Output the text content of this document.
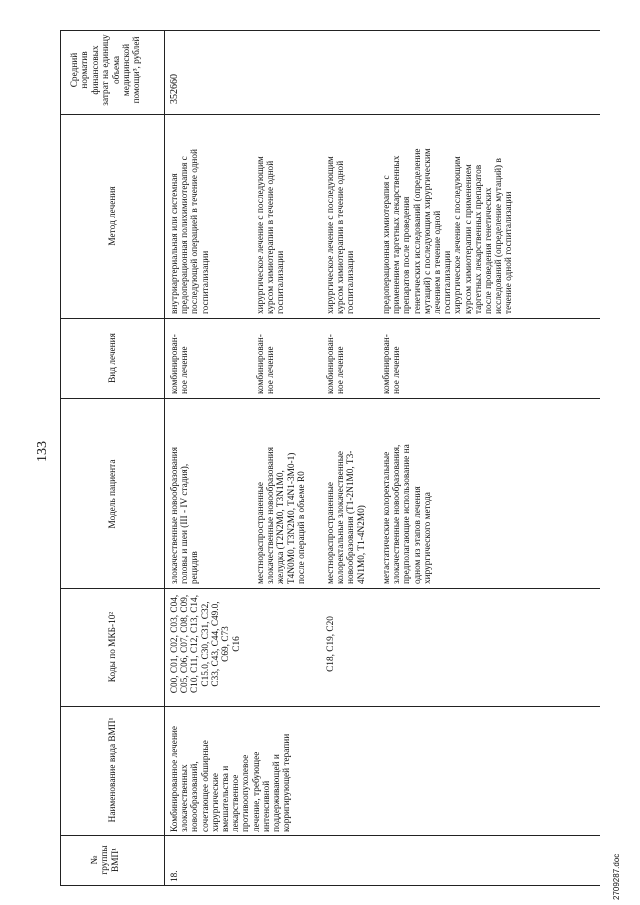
133
2709287.doc
№ группы ВМП¹
Наименование вида ВМП¹
Коды по МКБ-10²
Модель пациента
Вид лечения
Метод лечения
Средний норматив финансовых затрат на единицу объема медицинской помощи³, рублей
18.
Комбинированное лечение злокачественных новообразований, сочетающее обширные хирургические вмешательства и лекарственное противоопухолевое лечение, требующее интенсивной поддерживающей и корригирующей терапии
352660
C00, C01, C02, C03, C04, C05, C06, C07, C08, C09, C10, C11, C12, C13, C14, C15.0, C30, C31, C32, C33, C43, C44, C49.0, C69, C73
злокачественные новообразования головы и шеи (III - IV стадия), рецидив
комбинирован- ное лечение
внутриартериальная или системная предоперационная полихимиотерапия с последующей операцией в течение одной госпитализации
C16
местнораспространенные злокачественные новообразования желудка (T2N2M0, T3N1M0, T4N0M0, T3N2M0, T4N1-3M0-1) после операций в объеме R0
комбинирован- ное лечение
хирургическое лечение с последующим курсом химиотерапии в течение одной госпитализации
C18, C19, C20
местнораспространенные колоректальные злокачественные новообразования (T1-2N1M0, T3- 4N1M0, T1-4N2M0)
комбинирован- ное лечение
хирургическое лечение с последующим курсом химиотерапии в течение одной госпитализации
метастатические колоректальные злокачественные новообразования, предполагающие использование на одном из этапов лечения хирургического метода
комбинирован- ное лечение
предоперационная химиотерапия с применением таргетных лекарственных препаратов после проведения генетических исследований (определение мутаций) с последующим хирургическим лечением в течение одной госпитализации хирургическое лечение с последующим курсом химиотерапии с применением таргетных лекарственных препаратов после проведения генетических исследований (определение мутаций) в течение одной госпитализации
